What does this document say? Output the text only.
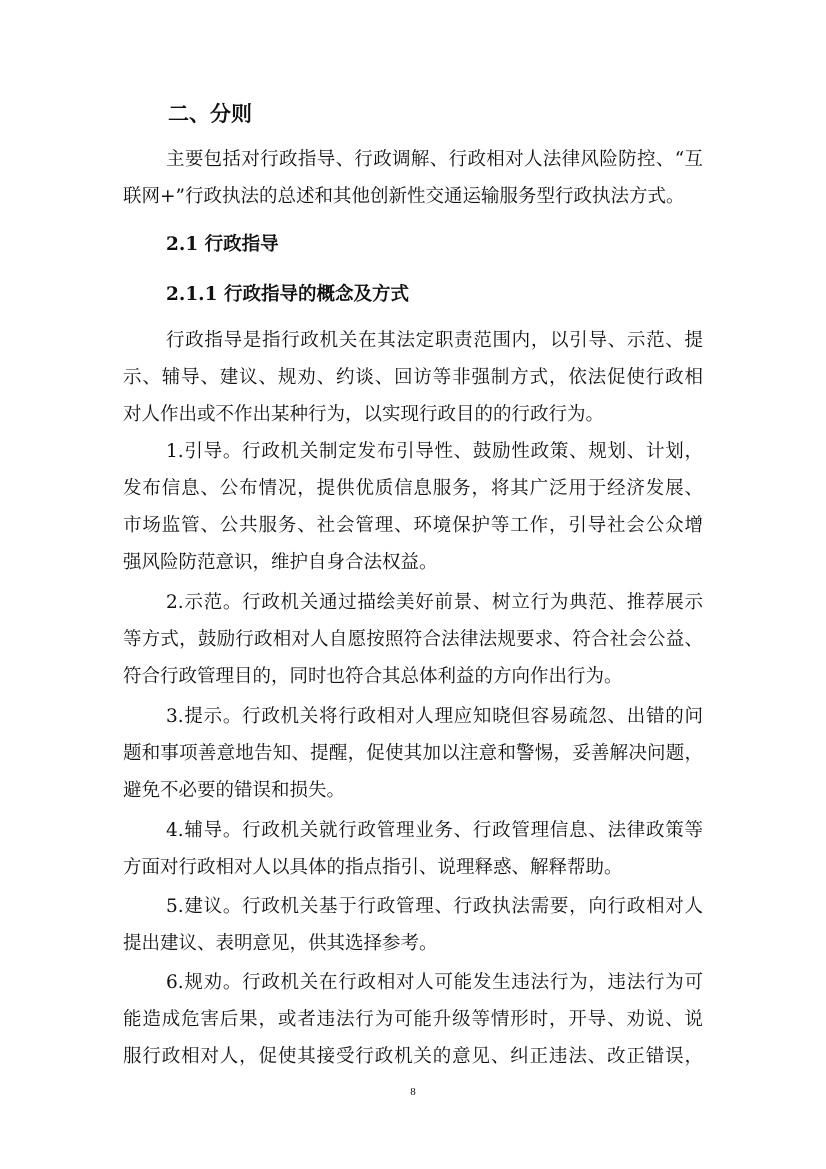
二、分则
主要包括对行政指导、行政调解、行政相对人法律风险防控、“互
联网+”行政执法的总述和其他创新性交通运输服务型行政执法方式。
2.1 行政指导
2.1.1 行政指导的概念及方式
行政指导是指行政机关在其法定职责范围内，以引导、示范、提
示、辅导、建议、规劝、约谈、回访等非强制方式，依法促使行政相
对人作出或不作出某种行为，以实现行政目的的行政行为。
1.引导。行政机关制定发布引导性、鼓励性政策、规划、计划，
发布信息、公布情况，提供优质信息服务，将其广泛用于经济发展、
市场监管、公共服务、社会管理、环境保护等工作，引导社会公众增
强风险防范意识，维护自身合法权益。
2.示范。行政机关通过描绘美好前景、树立行为典范、推荐展示
等方式，鼓励行政相对人自愿按照符合法律法规要求、符合社会公益、
符合行政管理目的，同时也符合其总体利益的方向作出行为。
3.提示。行政机关将行政相对人理应知晓但容易疏忽、出错的问
题和事项善意地告知、提醒，促使其加以注意和警惕，妥善解决问题，
避免不必要的错误和损失。
4.辅导。行政机关就行政管理业务、行政管理信息、法律政策等
方面对行政相对人以具体的指点指引、说理释惑、解释帮助。
5.建议。行政机关基于行政管理、行政执法需要，向行政相对人
提出建议、表明意见，供其选择参考。
6.规劝。行政机关在行政相对人可能发生违法行为，违法行为可
能造成危害后果，或者违法行为可能升级等情形时，开导、劝说、说
服行政相对人，促使其接受行政机关的意见、纠正违法、改正错误，
8
